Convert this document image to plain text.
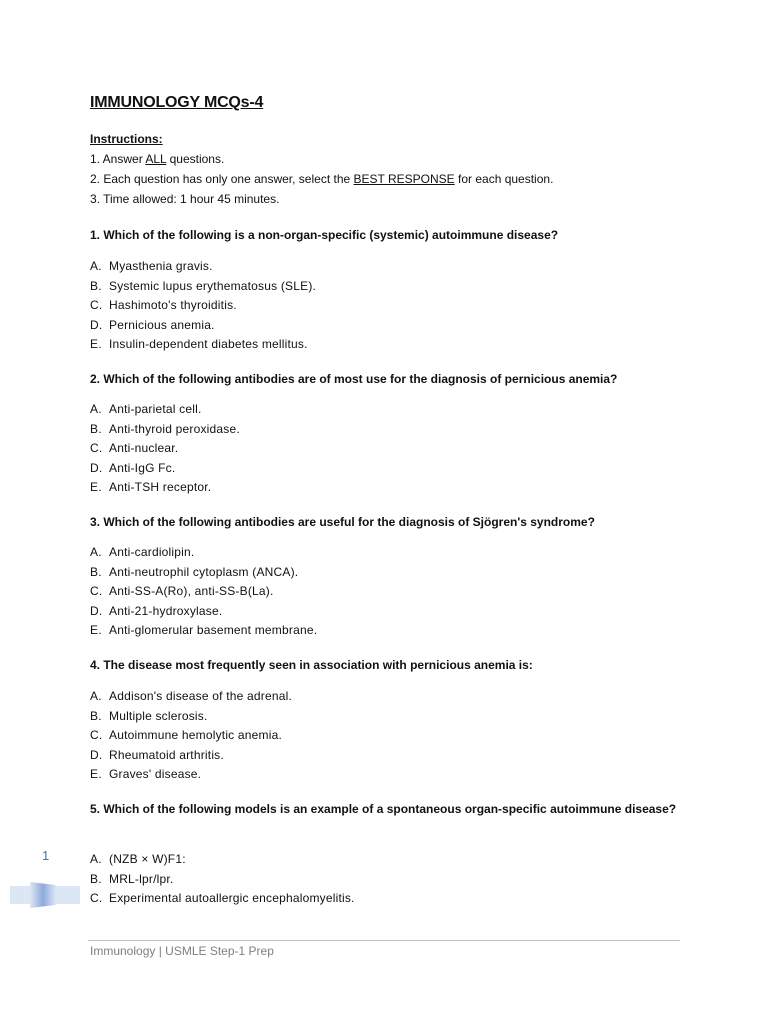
IMMUNOLOGY MCQs-4
Instructions:
1. Answer ALL questions.
2. Each question has only one answer, select the BEST RESPONSE for each question.
3. Time allowed: 1 hour 45 minutes.
1. Which of the following is a non-organ-specific (systemic) autoimmune disease?
A. Myasthenia gravis.
B. Systemic lupus erythematosus (SLE).
C. Hashimoto's thyroiditis.
D. Pernicious anemia.
E. Insulin-dependent diabetes mellitus.
2. Which of the following antibodies are of most use for the diagnosis of pernicious anemia?
A. Anti-parietal cell.
B. Anti-thyroid peroxidase.
C. Anti-nuclear.
D. Anti-IgG Fc.
E. Anti-TSH receptor.
3. Which of the following antibodies are useful for the diagnosis of Sjögren's syndrome?
A. Anti-cardiolipin.
B. Anti-neutrophil cytoplasm (ANCA).
C. Anti-SS-A(Ro), anti-SS-B(La).
D. Anti-21-hydroxylase.
E. Anti-glomerular basement membrane.
4. The disease most frequently seen in association with pernicious anemia is:
A. Addison's disease of the adrenal.
B. Multiple sclerosis.
C. Autoimmune hemolytic anemia.
D. Rheumatoid arthritis.
E. Graves' disease.
5. Which of the following models is an example of a spontaneous organ-specific autoimmune disease?
A. (NZB × W)F1:
B. MRL-lpr/lpr.
C. Experimental autoallergic encephalomyelitis.
1
Immunology | USMLE Step-1 Prep
